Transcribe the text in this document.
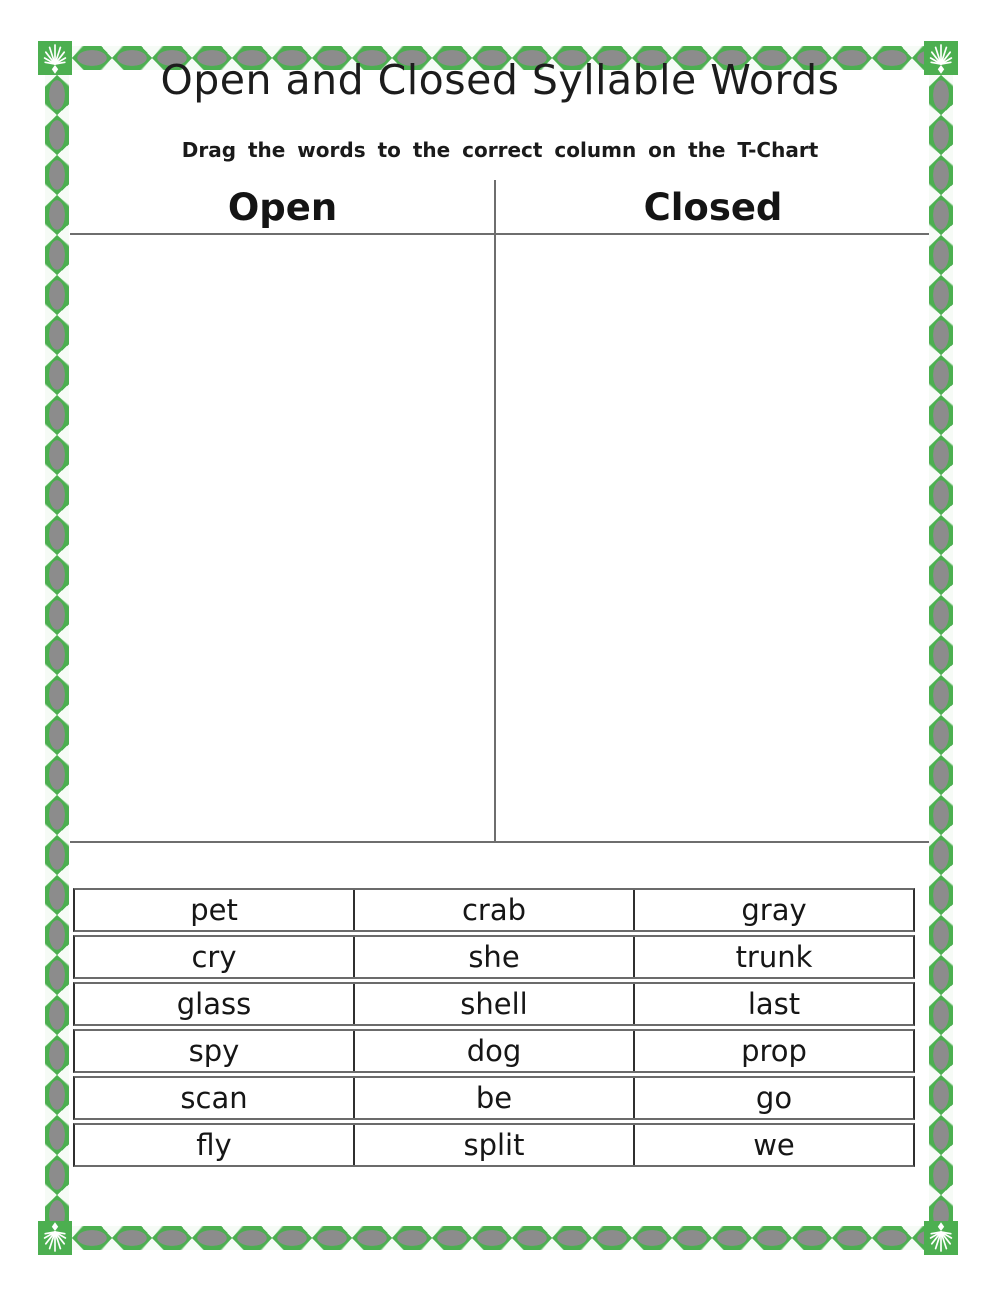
Open and Closed Syllable Words
Drag the words to the correct column on the T-Chart
Open	Closed
pet	crab	gray
cry	she	trunk
glass	shell	last
spy	dog	prop
scan	be	go
fly	split	we
